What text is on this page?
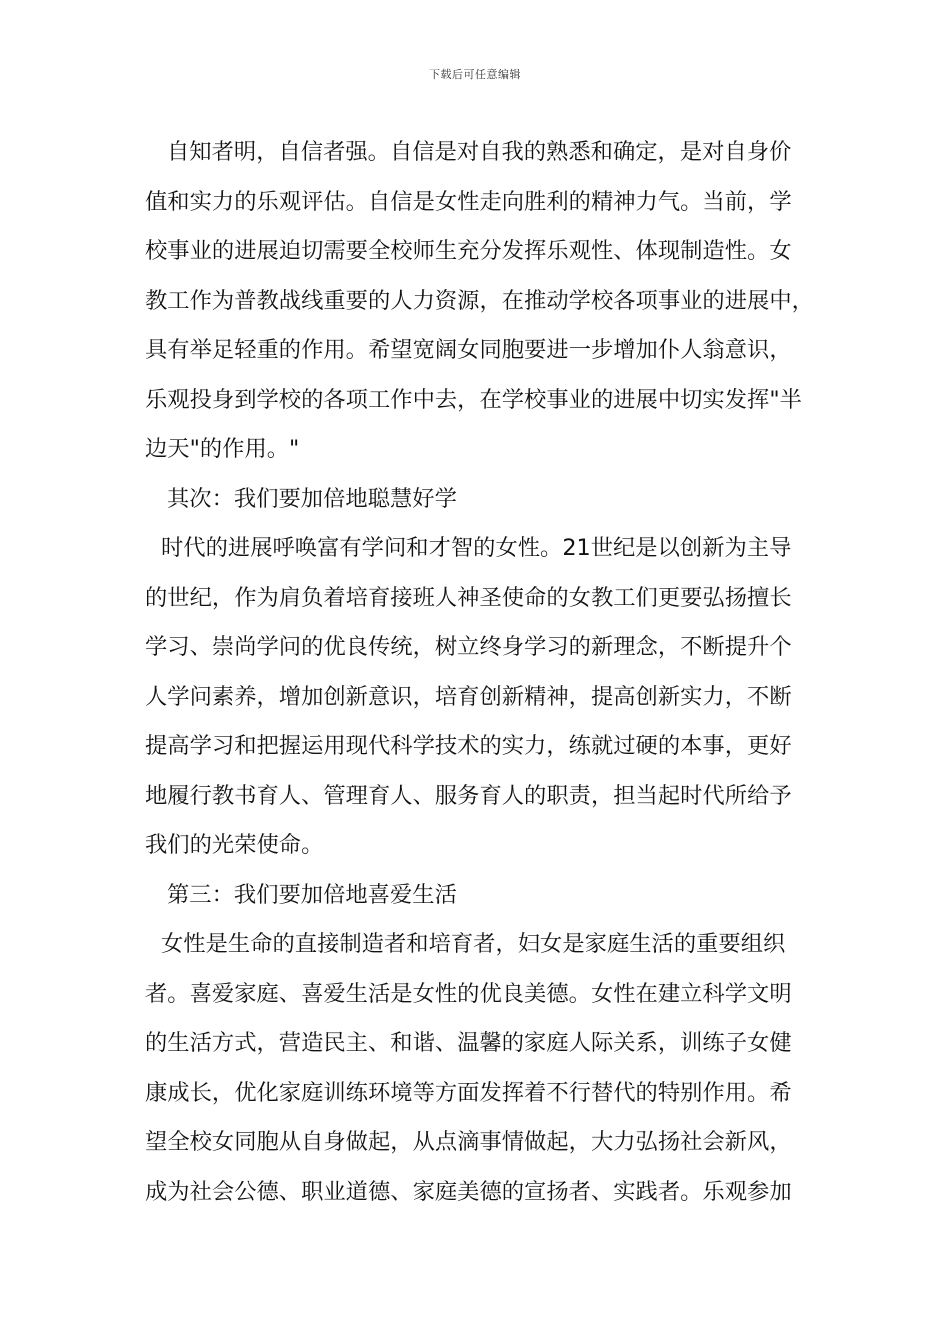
下载后可任意编辑
自知者明，自信者强。自信是对自我的熟悉和确定，是对自身价
值和实力的乐观评估。自信是女性走向胜利的精神力气。当前，学
校事业的进展迫切需要全校师生充分发挥乐观性、体现制造性。女
教工作为普教战线重要的人力资源，在推动学校各项事业的进展中，
具有举足轻重的作用。希望宽阔女同胞要进一步增加仆人翁意识，
乐观投身到学校的各项工作中去，在学校事业的进展中切实发挥"半
边天"的作用。"
其次：我们要加倍地聪慧好学
时代的进展呼唤富有学问和才智的女性。21世纪是以创新为主导
的世纪，作为肩负着培育接班人神圣使命的女教工们更要弘扬擅长
学习、崇尚学问的优良传统，树立终身学习的新理念，不断提升个
人学问素养，增加创新意识，培育创新精神，提高创新实力，不断
提高学习和把握运用现代科学技术的实力，练就过硬的本事，更好
地履行教书育人、管理育人、服务育人的职责，担当起时代所给予
我们的光荣使命。
第三：我们要加倍地喜爱生活
女性是生命的直接制造者和培育者，妇女是家庭生活的重要组织
者。喜爱家庭、喜爱生活是女性的优良美德。女性在建立科学文明
的生活方式，营造民主、和谐、温馨的家庭人际关系，训练子女健
康成长，优化家庭训练环境等方面发挥着不行替代的特别作用。希
望全校女同胞从自身做起，从点滴事情做起，大力弘扬社会新风，
成为社会公德、职业道德、家庭美德的宣扬者、实践者。乐观参加
